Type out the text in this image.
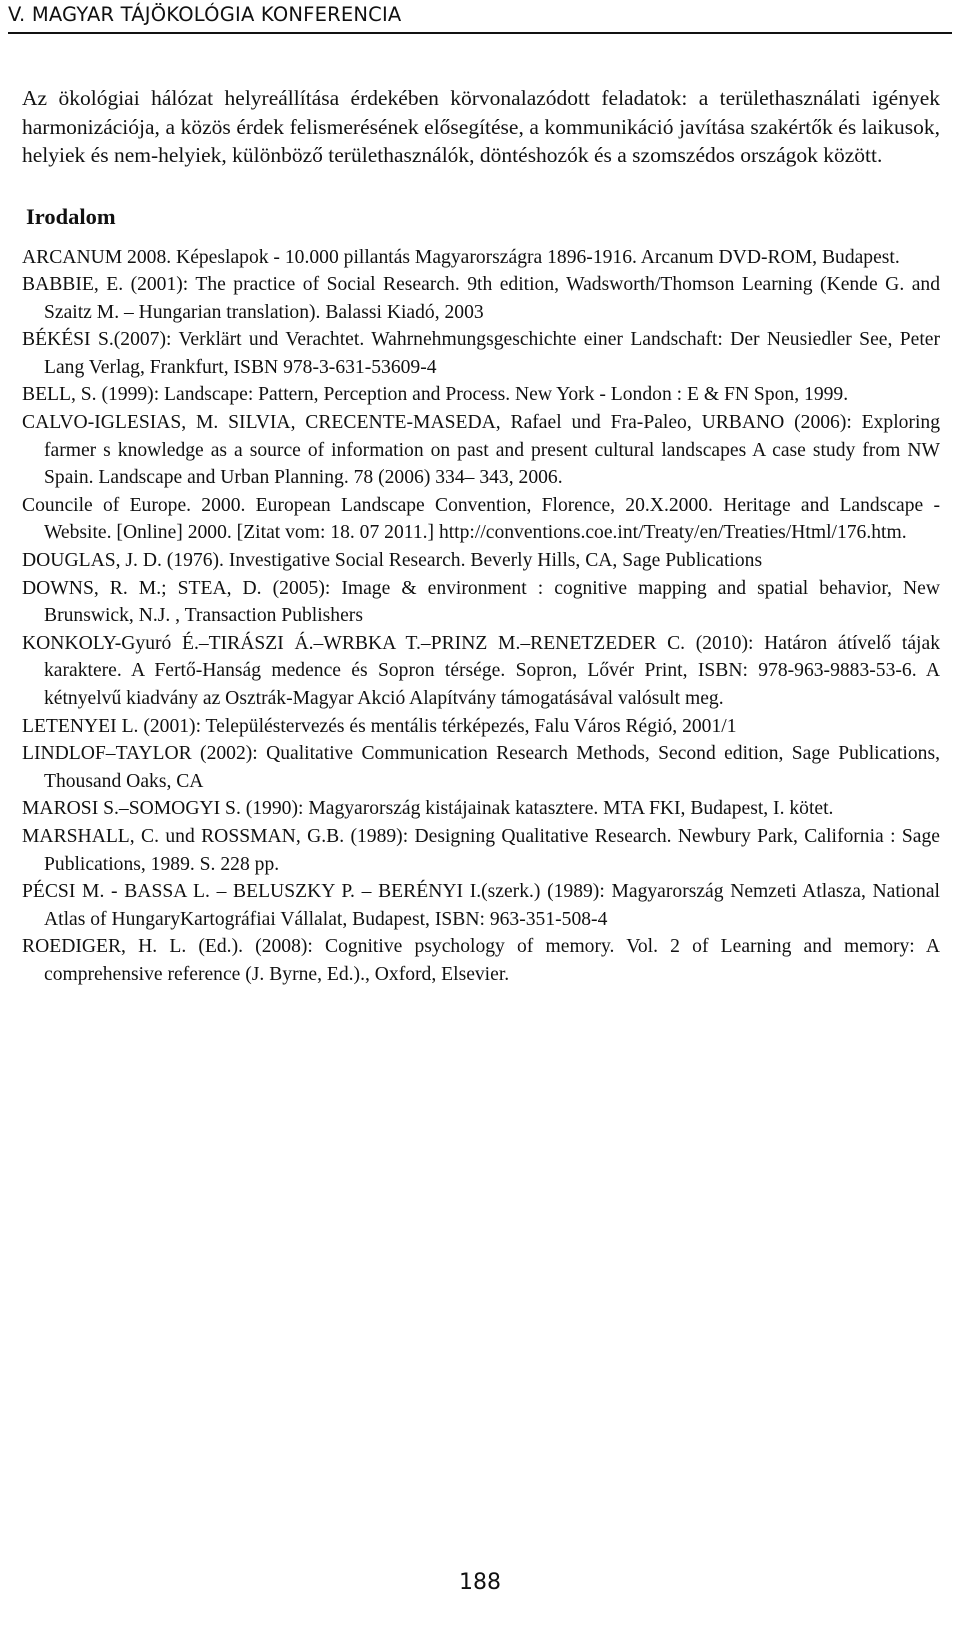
V. MAGYAR TÁJÖKOLÓGIA KONFERENCIA

Az ökológiai hálózat helyreállítása érdekében körvonalazódott feladatok: a területhasználati igények harmonizációja, a közös érdek felismerésének elősegítése, a kommunikáció javítása szakértők és laikusok, helyiek és nem-helyiek, különböző területhasználók, döntéshozók és a szomszédos országok között.

Irodalom

ARCANUM 2008. Képeslapok - 10.000 pillantás Magyarországra 1896-1916. Arcanum DVD-ROM, Budapest.

BABBIE, E. (2001): The practice of Social Research. 9th edition, Wadsworth/Thomson Learning (Kende G. and Szaitz M. – Hungarian translation). Balassi Kiadó, 2003

BÉKÉSI S.(2007): Verklärt und Verachtet. Wahrnehmungsgeschichte einer Landschaft: Der Neusiedler See, Peter Lang Verlag, Frankfurt, ISBN 978-3-631-53609-4

BELL, S. (1999): Landscape: Pattern, Perception and Process. New York - London : E & FN Spon, 1999.

CALVO-IGLESIAS, M. SILVIA, CRECENTE-MASEDA, Rafael und Fra-Paleo, URBANO (2006): Exploring farmer s knowledge as a source of information on past and present cultural landscapes A case study from NW Spain. Landscape and Urban Planning. 78 (2006) 334– 343, 2006.

Councile of Europe. 2000. European Landscape Convention, Florence, 20.X.2000. Heritage and Landscape - Website. [Online] 2000. [Zitat vom: 18. 07 2011.] http://conventions.coe.int/Treaty/en/Treaties/Html/176.htm.

DOUGLAS, J. D. (1976). Investigative Social Research. Beverly Hills, CA, Sage Publications

DOWNS, R. M.; STEA, D. (2005): Image & environment : cognitive mapping and spatial behavior, New Brunswick, N.J. , Transaction Publishers

KONKOLY-Gyuró É.–TIRÁSZI Á.–WRBKA T.–PRINZ M.–RENETZEDER C. (2010): Határon átívelő tájak karaktere. A Fertő-Hanság medence és Sopron térsége. Sopron, Lővér Print, ISBN: 978-963-9883-53-6. A kétnyelvű kiadvány az Osztrák-Magyar Akció Alapítvány támogatásával valósult meg.

LETENYEI L. (2001): Településtervezés és mentális térképezés, Falu Város Régió, 2001/1

LINDLOF–TAYLOR (2002): Qualitative Communication Research Methods, Second edition, Sage Publications, Thousand Oaks, CA

MAROSI S.–SOMOGYI S. (1990): Magyarország kistájainak katasztere. MTA FKI, Budapest, I. kötet.

MARSHALL, C. und ROSSMAN, G.B. (1989): Designing Qualitative Research. Newbury Park, California : Sage Publications, 1989. S. 228 pp.

PÉCSI M. - BASSA L. – BELUSZKY P. – BERÉNYI I.(szerk.) (1989): Magyarország Nemzeti Atlasza, National Atlas of HungaryKartográfiai Vállalat, Budapest, ISBN: 963-351-508-4

ROEDIGER, H. L. (Ed.). (2008): Cognitive psychology of memory. Vol. 2 of Learning and memory: A comprehensive reference (J. Byrne, Ed.)., Oxford, Elsevier.

188
